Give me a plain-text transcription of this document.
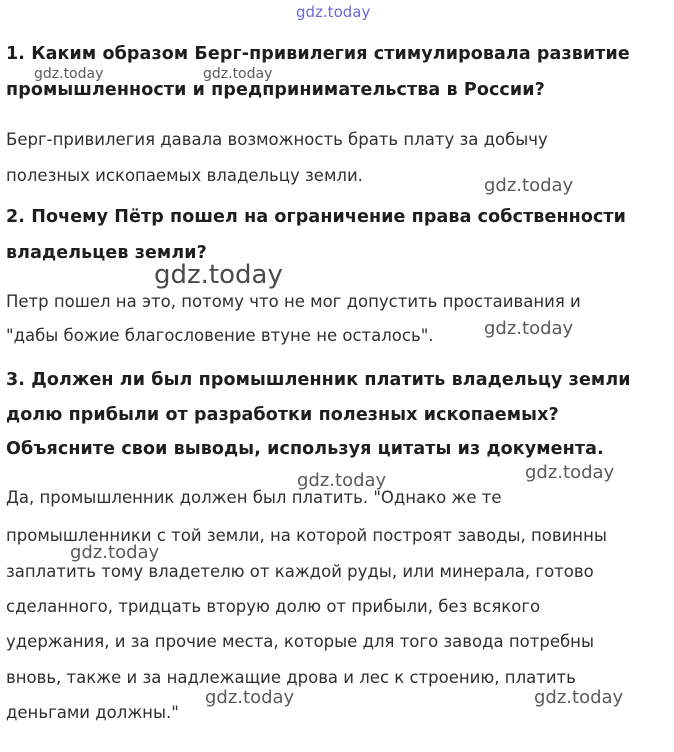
1. Каким образом Берг-привилегия стимулировала развитие
промышленности и предпринимательства в России?
Берг-привилегия давала возможность брать плату за добычу
полезных ископаемых владельцу земли.
2. Почему Пётр пошел на ограничение права собственности
владельцев земли?
Петр пошел на это, потому что не мог допустить простаивания и
"дабы божие благословение втуне не осталось".
3. Должен ли был промышленник платить владельцу земли
долю прибыли от разработки полезных ископаемых?
Объясните свои выводы, используя цитаты из документа.
Да, промышленник должен был платить. "Однако же те
промышленники с той земли, на которой построят заводы, повинны
заплатить тому владетелю от каждой руды, или минерала, готово
сделанного, тридцать вторую долю от прибыли, без всякого
удержания, и за прочие места, которые для того завода потребны
вновь, также и за надлежащие дрова и лес к строению, платить
деньгами должны."
gdz.today
gdz.today	gdz.today
gdz.today
gdz.today
gdz.today
gdz.today	gdz.today
gdz.today
gdz.today	gdz.today
